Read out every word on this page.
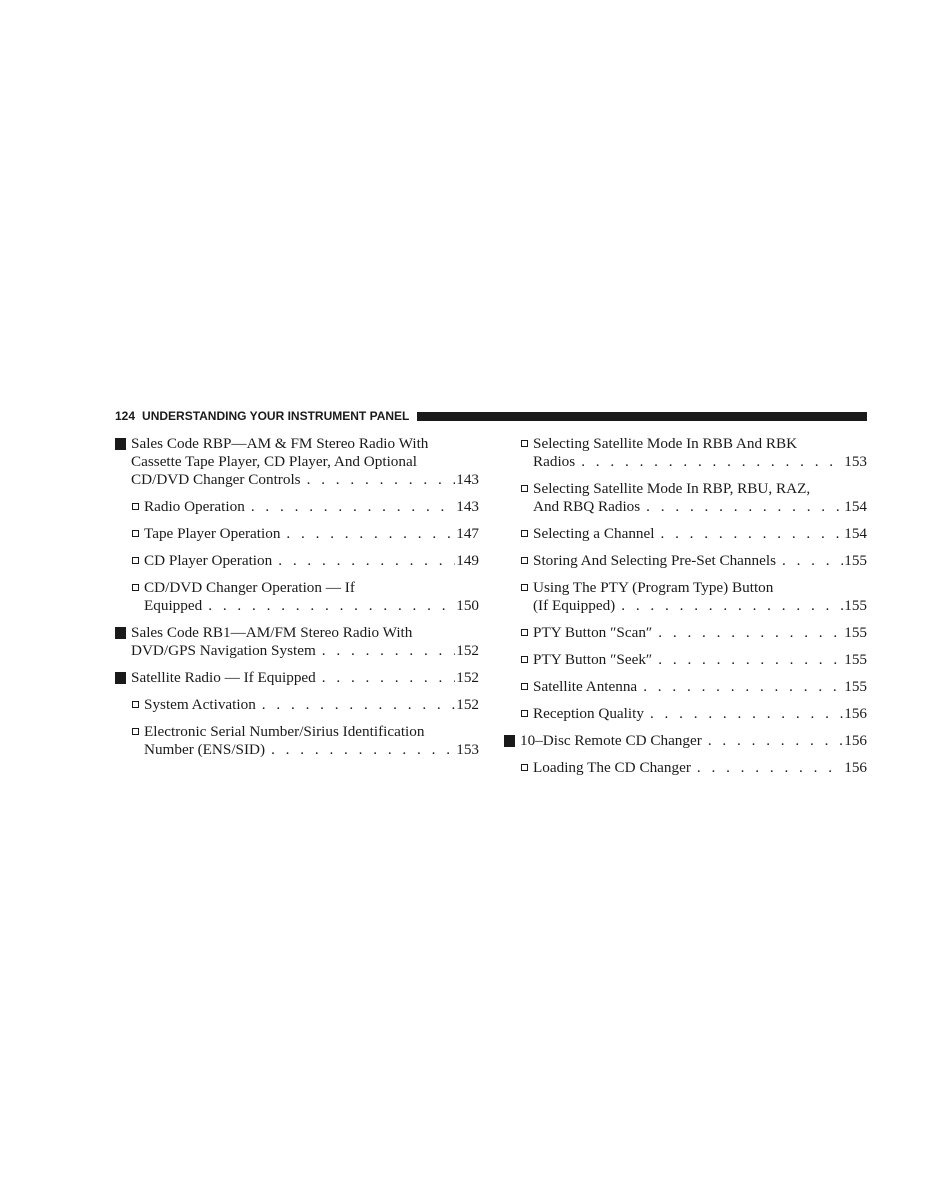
124 UNDERSTANDING YOUR INSTRUMENT PANEL
Sales Code RBP—AM & FM Stereo Radio With
Cassette Tape Player, CD Player, And Optional
CD/DVD Changer Controls . . .	143
Radio Operation . . .	143
Tape Player Operation . . .	147
CD Player Operation . . .	149
CD/DVD Changer Operation — If
Equipped . . .	150
Sales Code RB1—AM/FM Stereo Radio With
DVD/GPS Navigation System . . .	152
Satellite Radio — If Equipped . . .	152
System Activation . . .	152
Electronic Serial Number/Sirius Identification
Number (ENS/SID) . . .	153
Selecting Satellite Mode In RBB And RBK
Radios . . .	153
Selecting Satellite Mode In RBP, RBU, RAZ,
And RBQ Radios . . .	154
Selecting a Channel . . .	154
Storing And Selecting Pre-Set Channels . . .	155
Using The PTY (Program Type) Button
(If Equipped) . . .	155
PTY Button ″Scan″ . . .	155
PTY Button ″Seek″ . . .	155
Satellite Antenna . . .	155
Reception Quality . . .	156
10–Disc Remote CD Changer . . .	156
Loading The CD Changer . . .	156
